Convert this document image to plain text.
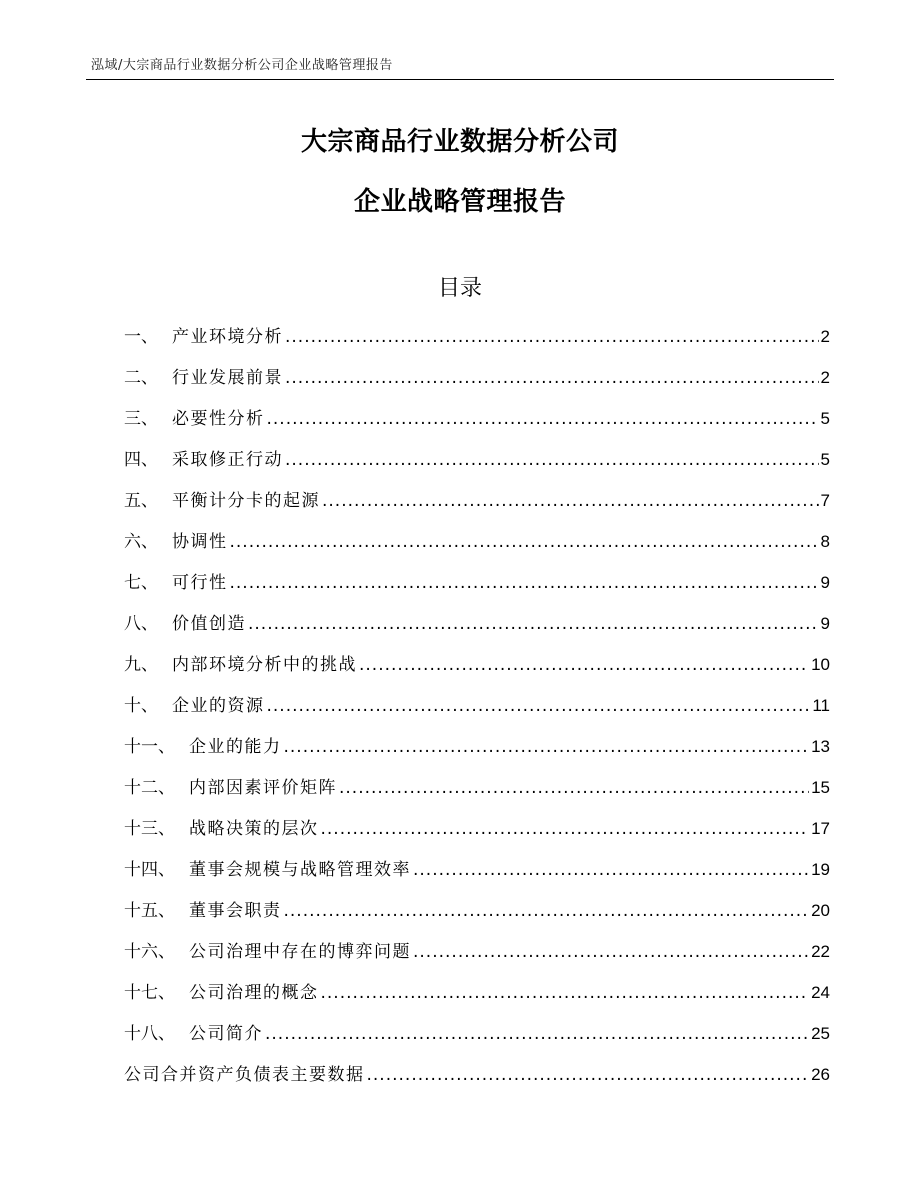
泓域/大宗商品行业数据分析公司企业战略管理报告
大宗商品行业数据分析公司
企业战略管理报告
目录
一、 产业环境分析 .....	2
二、 行业发展前景 .....	2
三、 必要性分析 .....	5
四、 采取修正行动 .....	5
五、 平衡计分卡的起源 .....	7
六、 协调性 .....	8
七、 可行性 .....	9
八、 价值创造 .....	9
九、 内部环境分析中的挑战 .....	10
十、 企业的资源 .....	11
十一、 企业的能力 .....	13
十二、 内部因素评价矩阵 .....	15
十三、 战略决策的层次 .....	17
十四、 董事会规模与战略管理效率 .....	19
十五、 董事会职责 .....	20
十六、 公司治理中存在的博弈问题 .....	22
十七、 公司治理的概念 .....	24
十八、 公司简介 .....	25
公司合并资产负债表主要数据 .....	26
